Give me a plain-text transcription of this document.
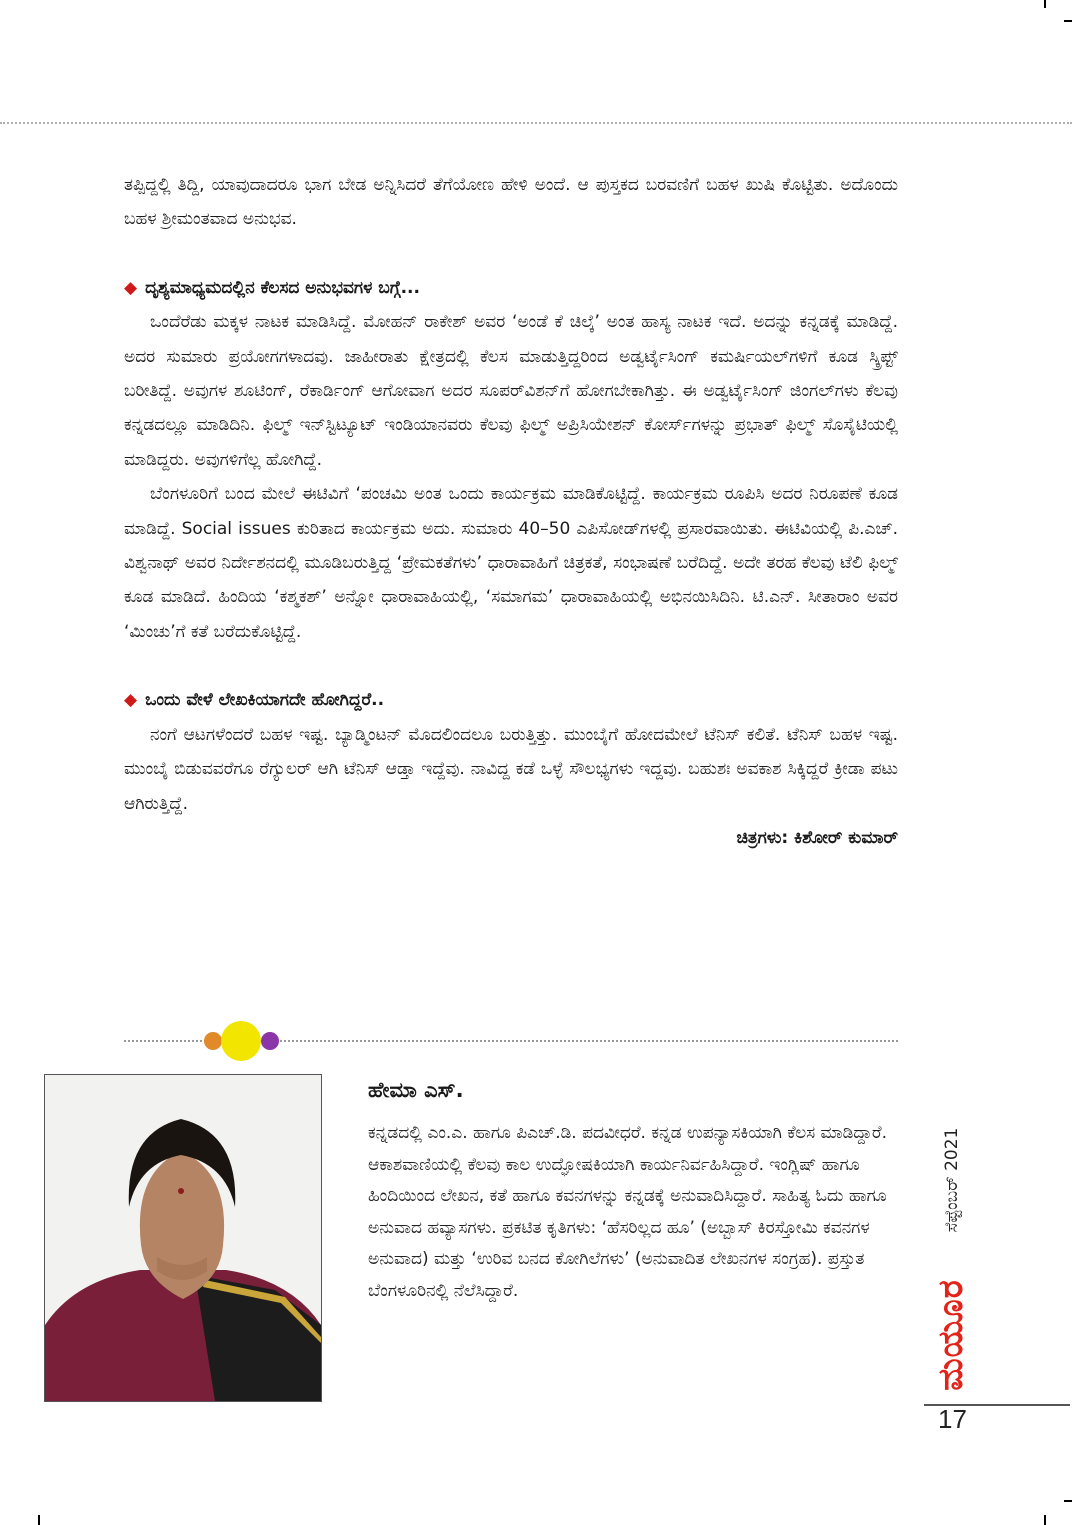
ತಪ್ಪಿದ್ದಲ್ಲಿ ತಿದ್ದಿ, ಯಾವುದಾದರೂ ಭಾಗ ಬೇಡ ಅನ್ನಿಸಿದರೆ ತೆಗೆಯೋಣ ಹೇಳಿ ಅಂದೆ. ಆ ಪುಸ್ತಕದ ಬರವಣಿಗೆ ಬಹಳ ಖುಷಿ ಕೊಟ್ಟಿತು. ಅದೊಂದು ಬಹಳ ಶ್ರೀಮಂತವಾದ ಅನುಭವ.

◆ ದೃಶ್ಯಮಾಧ್ಯಮದಲ್ಲಿನ ಕೆಲಸದ ಅನುಭವಗಳ ಬಗ್ಗೆ...

ಒಂದೆರೆಡು ಮಕ್ಕಳ ನಾಟಕ ಮಾಡಿಸಿದ್ದೆ. ಮೋಹನ್ ರಾಕೇಶ್ ಅವರ ‘ಅಂಡೆ ಕೆ ಚಿಲ್ಕೆ’ ಅಂತ ಹಾಸ್ಯ ನಾಟಕ ಇದೆ. ಅದನ್ನು ಕನ್ನಡಕ್ಕೆ ಮಾಡಿದ್ದೆ. ಅದರ ಸುಮಾರು ಪ್ರಯೋಗಗಳಾದವು. ಜಾಹೀರಾತು ಕ್ಷೇತ್ರದಲ್ಲಿ ಕೆಲಸ ಮಾಡುತ್ತಿದ್ದರಿಂದ ಅಡ್ವರ್ಟೈಸಿಂಗ್ ಕಮರ್ಷಿಯಲ್‌ಗಳಿಗೆ ಕೂಡ ಸ್ಕ್ರಿಪ್ಟ್ ಬರೀತಿದ್ದೆ. ಅವುಗಳ ಶೂಟಿಂಗ್, ರೆಕಾರ್ಡಿಂಗ್ ಆಗೋವಾಗ ಅದರ ಸೂಪರ್‌ವಿಶನ್‌ಗೆ ಹೋಗಬೇಕಾಗಿತ್ತು. ಈ ಅಡ್ವರ್ಟೈಸಿಂಗ್ ಜಿಂಗಲ್‌ಗಳು ಕೆಲವು ಕನ್ನಡದಲ್ಲೂ ಮಾಡಿದಿನಿ. ಫಿಲ್ಮ್ ಇನ್‌ಸ್ಟಿಟ್ಯೂಟ್ ಇಂಡಿಯಾನವರು ಕೆಲವು ಫಿಲ್ಮ್ ಅಪ್ರಿಸಿಯೇಶನ್ ಕೋರ್ಸ್‌ಗಳನ್ನು ಪ್ರಭಾತ್ ಫಿಲ್ಮ್ ಸೊಸೈಟಿಯಲ್ಲಿ ಮಾಡಿದ್ದರು. ಅವುಗಳಿಗೆಲ್ಲ ಹೋಗಿದ್ದೆ.

ಬೆಂಗಳೂರಿಗೆ ಬಂದ ಮೇಲೆ ಈಟಿವಿಗೆ ‘ಪಂಚಮಿ ಅಂತ ಒಂದು ಕಾರ್ಯಕ್ರಮ ಮಾಡಿಕೊಟ್ಟಿದ್ದೆ. ಕಾರ್ಯಕ್ರಮ ರೂಪಿಸಿ ಅದರ ನಿರೂಪಣೆ ಕೂಡ ಮಾಡಿದ್ದೆ. Social issues ಕುರಿತಾದ ಕಾರ್ಯಕ್ರಮ ಅದು. ಸುಮಾರು 40–50 ಎಪಿಸೋಡ್‌ಗಳಲ್ಲಿ ಪ್ರಸಾರವಾಯಿತು. ಈಟಿವಿಯಲ್ಲಿ ಪಿ.ಎಚ್. ವಿಶ್ವನಾಥ್ ಅವರ ನಿರ್ದೇಶನದಲ್ಲಿ ಮೂಡಿಬರುತ್ತಿದ್ದ ‘ಪ್ರೇಮಕತೆಗಳು’ ಧಾರಾವಾಹಿಗೆ ಚಿತ್ರಕತೆ, ಸಂಭಾಷಣೆ ಬರೆದಿದ್ದೆ. ಅದೇ ತರಹ ಕೆಲವು ಟೆಲಿ ಫಿಲ್ಮ್ ಕೂಡ ಮಾಡಿದೆ. ಹಿಂದಿಯ ‘ಕಶ್ಮಕಶ್’ ಅನ್ನೋ ಧಾರಾವಾಹಿಯಲ್ಲಿ, ‘ಸಮಾಗಮ’ ಧಾರಾವಾಹಿಯಲ್ಲಿ ಅಭಿನಯಿಸಿದಿನಿ. ಟಿ.ಎನ್. ಸೀತಾರಾಂ ಅವರ ‘ಮಿಂಚು’ಗೆ ಕತೆ ಬರೆದುಕೊಟ್ಟಿದ್ದೆ.

◆ ಒಂದು ವೇಳೆ ಲೇಖಕಿಯಾಗದೇ ಹೋಗಿದ್ದರೆ..

ನಂಗೆ ಆಟಗಳೆಂದರೆ ಬಹಳ ಇಷ್ಟ. ಬ್ಯಾಡ್ಮಿಂಟನ್ ಮೊದಲಿಂದಲೂ ಬರುತ್ತಿತ್ತು. ಮುಂಬೈಗೆ ಹೋದಮೇಲೆ ಟೆನಿಸ್ ಕಲಿತೆ. ಟೆನಿಸ್ ಬಹಳ ಇಷ್ಟ. ಮುಂಬೈ ಬಿಡುವವರೆಗೂ ರೆಗ್ಯುಲರ್ ಆಗಿ ಟೆನಿಸ್ ಆಡ್ತಾ ಇದ್ದೆವು. ನಾವಿದ್ದ ಕಡೆ ಒಳ್ಳೆ ಸೌಲಭ್ಯಗಳು ಇದ್ದವು. ಬಹುಶಃ ಅವಕಾಶ ಸಿಕ್ಕಿದ್ದರೆ ಕ್ರೀಡಾ ಪಟು ಆಗಿರುತ್ತಿದ್ದೆ.

ಚಿತ್ರಗಳು: ಕಿಶೋರ್ ಕುಮಾರ್

ಹೇಮಾ ಎಸ್.

ಕನ್ನಡದಲ್ಲಿ ಎಂ.ಎ. ಹಾಗೂ ಪಿಎಚ್.ಡಿ. ಪದವೀಧರೆ. ಕನ್ನಡ ಉಪನ್ಯಾಸಕಿಯಾಗಿ ಕೆಲಸ ಮಾಡಿದ್ದಾರೆ. ಆಕಾಶವಾಣಿಯಲ್ಲಿ ಕೆಲವು ಕಾಲ ಉದ್ಘೋಷಕಿಯಾಗಿ ಕಾರ್ಯನಿರ್ವಹಿಸಿದ್ದಾರೆ. ಇಂಗ್ಲಿಷ್ ಹಾಗೂ ಹಿಂದಿಯಿಂದ ಲೇಖನ, ಕತೆ ಹಾಗೂ ಕವನಗಳನ್ನು ಕನ್ನಡಕ್ಕೆ ಅನುವಾದಿಸಿದ್ದಾರೆ. ಸಾಹಿತ್ಯ ಓದು ಹಾಗೂ ಅನುವಾದ ಹವ್ಯಾಸಗಳು. ಪ್ರಕಟಿತ ಕೃತಿಗಳು: ‘ಹೆಸರಿಲ್ಲದ ಹೂ’ (ಅಬ್ಬಾಸ್ ಕಿರಸ್ತೋಮಿ ಕವನಗಳ ಅನುವಾದ) ಮತ್ತು ‘ಉರಿವ ಬನದ ಕೋಗಿಲೆಗಳು’ (ಅನುವಾದಿತ ಲೇಖನಗಳ ಸಂಗ್ರಹ). ಪ್ರಸ್ತುತ ಬೆಂಗಳೂರಿನಲ್ಲಿ ನೆಲೆಸಿದ್ದಾರೆ.

ಸೆಪ್ಟೆಂಬರ್ 2021
ಮಯೂರ
17
